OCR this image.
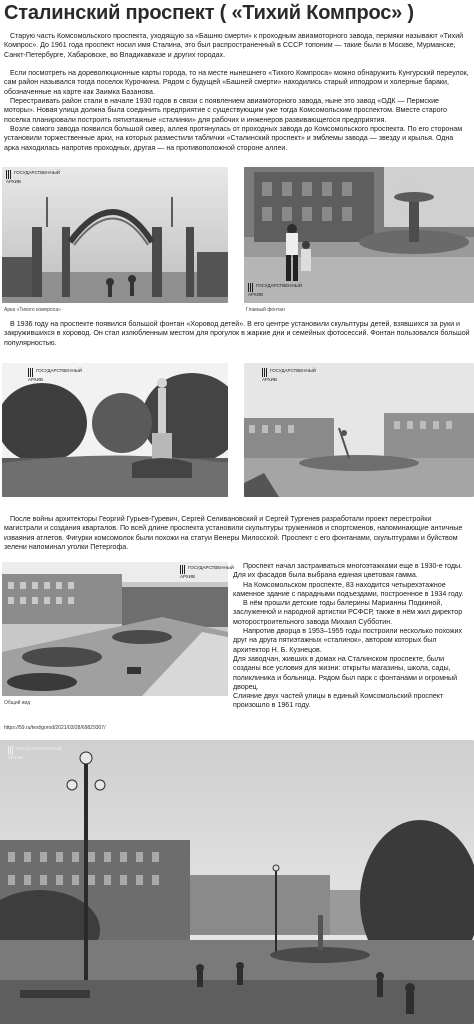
Сталинский проспект ( «Тихий Компрос» )
Старую часть Комсомольского проспекта, уходящую за «Башню смерти» к проходным авиамоторного завода, пермяки называют «Тихий Компрос». До 1961 года проспект носил имя Сталина, это был распространенный в СССР топоним — такие были в Москве, Мурманске, Санкт-Петербурге, Хабаровске, во Владикавказе и других городах.
Если посмотреть на дореволюционные карты города, то на месте нынешнего «Тихого Компроса» можно обнаружить Кунгурский переулок, сам район назывался тогда поселок Курочкина. Рядом с будущей «Башней смерти» находились старый ипподром и холерные бараки, обозначенные на карте как Заимка Базанова.
Перестраивать район стали в начале 1930 годов в связи с появлением авиамоторного завода, ныне это завод «ОДК — Пермские моторы». Новая улица должна была соединить предприятие с существующим уже тогда Комсомольским проспектом. Вместе старого поселка планировали построить пятиэтажные «сталинки» для рабочих и инженеров развивающегося предприятия.
Возле самого завода появился большой сквер, аллея протянулась от проходных завода до Комсомольского проспекта. По его сторонам установили торжественные арки, на которых разместили таблички «Сталинский проспект» и эмблемы завода — звезду и крылья. Одна арка находилась напротив проходных, другая — на противоположной стороне аллеи.
ГОСУДАРСТВЕННЫЙ
АРХИВ
Арка «Тихого компроса»
ГОСУДАРСТВЕННЫЙ
АРХИВ
Главный фонтан
В 1936 году на проспекте появился большой фонтан «Хоровод детей». В его центре установили скульптуры детей, взявшихся за руки и закружившихся в хоровод. Он стал излюбленным местом для прогулок в жаркие дни и семейных фотосессий. Фонтан пользовался большой популярностью.
ГОСУДАРСТВЕННЫЙ
АРХИВ
ГОСУДАРСТВЕННЫЙ
АРХИВ
После войны архитекторы Георгий Гурьев-Гуревич, Сергей Селивановский и Сергей Тургенев разработали проект перестройки магистрали и создания кварталов. По всей длине проспекта установили скульптуры тружеников и спортсменов, напоминающие античные изваяния атлетов. Фигурки комсомолок были похожи на статуи Венеры Милосской. Проспект с его фонтанами, скульптурами и буйством зелени напоминал уголки Петергофа.
ГОСУДАРСТВЕННЫЙ
АРХИВ
Общий вид
Проспект начал застраиваться многоэтажками еще в 1930-е годы. Для их фасадов была выбрана единая цветовая гамма.
На Комсомольском проспекте, 83 находится четырехэтажное каменное здание с парадными подъездами, построенное в 1934 году.
В нём прошли детские годы балерины Марианны Подкиной, заслуженной и народной артистки РСФСР, также в нём жил директор моторостроительного завода Михаил Субботин.
Напротив дворца в 1953–1955 годы построили несколько похожих друг на друга пятиэтажных «сталинок», автором которых был архитектор Н. Б. Кузнецов.
Для заводчан, живших в домах на Сталинском проспекте, были созданы все условия для жизни: открыты магазины, школа, сады, поликлиника и больница. Рядом был парк с фонтанами и огромный дворец.
Слияние двух частей улицы в единый Комсомольский проспект произошло в 1961 году.
https://59.ru/text/gorod/2021/03/28/69829307/
ГОСУДАРСТВЕННЫЙ
АРХИВ
